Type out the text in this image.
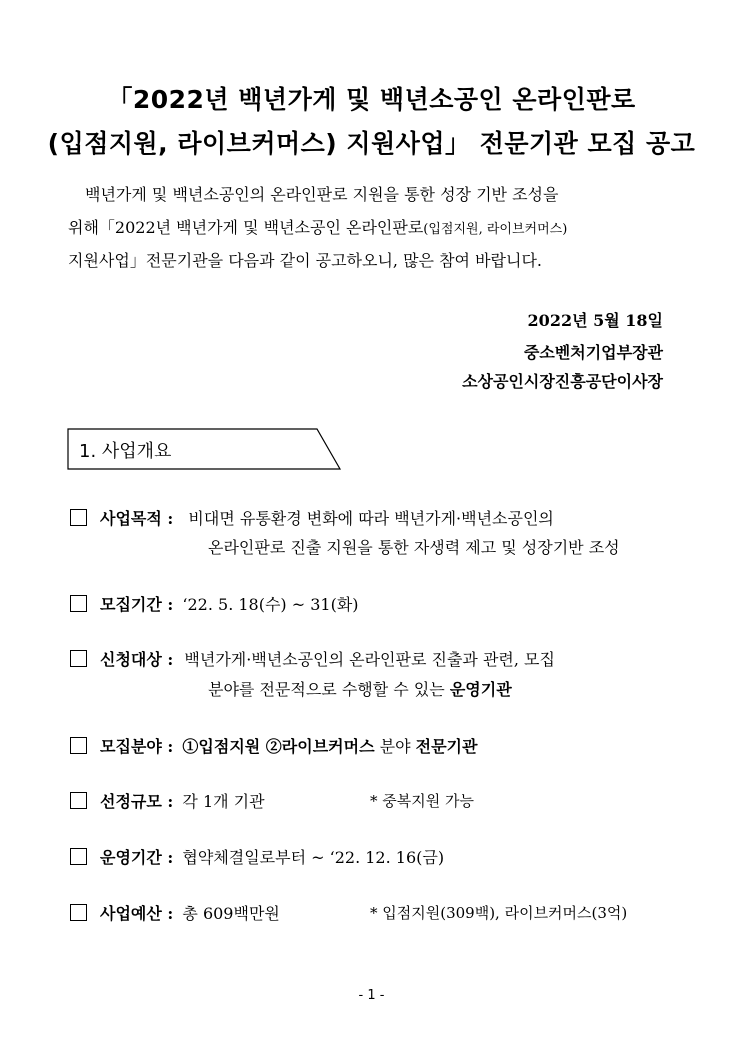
「2022년 백년가게 및 백년소공인 온라인판로
(입점지원, 라이브커머스) 지원사업」 전문기관 모집 공고
백년가게 및 백년소공인의 온라인판로 지원을 통한 성장 기반 조성을
위해「2022년 백년가게 및 백년소공인 온라인판로(입점지원, 라이브커머스)
지원사업」전문기관을 다음과 같이 공고하오니, 많은 참여 바랍니다.
2022년 5월 18일
중소벤처기업부장관
소상공인시장진흥공단이사장
1. 사업개요
사업목적 : 비대면 유통환경 변화에 따라 백년가게·백년소공인의
온라인판로 진출 지원을 통한 자생력 제고 및 성장기반 조성
모집기간 : ‘22. 5. 18(수) ~ 31(화)
신청대상 : 백년가게·백년소공인의 온라인판로 진출과 관련, 모집
분야를 전문적으로 수행할 수 있는 운영기관
모집분야 : ①입점지원 ②라이브커머스 분야 전문기관
선정규모 : 각 1개 기관	* 중복지원 가능
운영기간 : 협약체결일로부터 ~ ‘22. 12. 16(금)
사업예산 : 총 609백만원	* 입점지원(309백), 라이브커머스(3억)
- 1 -
